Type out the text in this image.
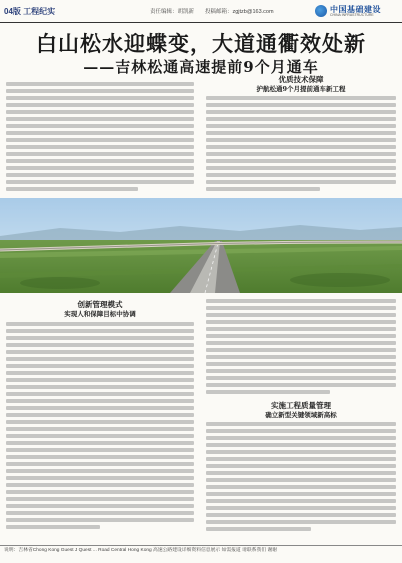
04版 工程纪实	责任编辑：胡凯新 投稿邮箱：zgjtzb@163.com	中国基础建设
CHINA INFRASTRUCTURE
白山松水迎蝶变，大道通衢效处新
——吉林松通高速提前9个月通车
优质技术保障
护航松通9个月提前通车新工程
创新管理模式
实现人和保障目标中协调
实施工程质量管理
确立新型关键领域新高标
说明：吉林省Chong Kong Guest J Quest ... Road Central Hong Kong 高速公路建设详细资料信息展示 如需报道 请联系我们 谢谢
